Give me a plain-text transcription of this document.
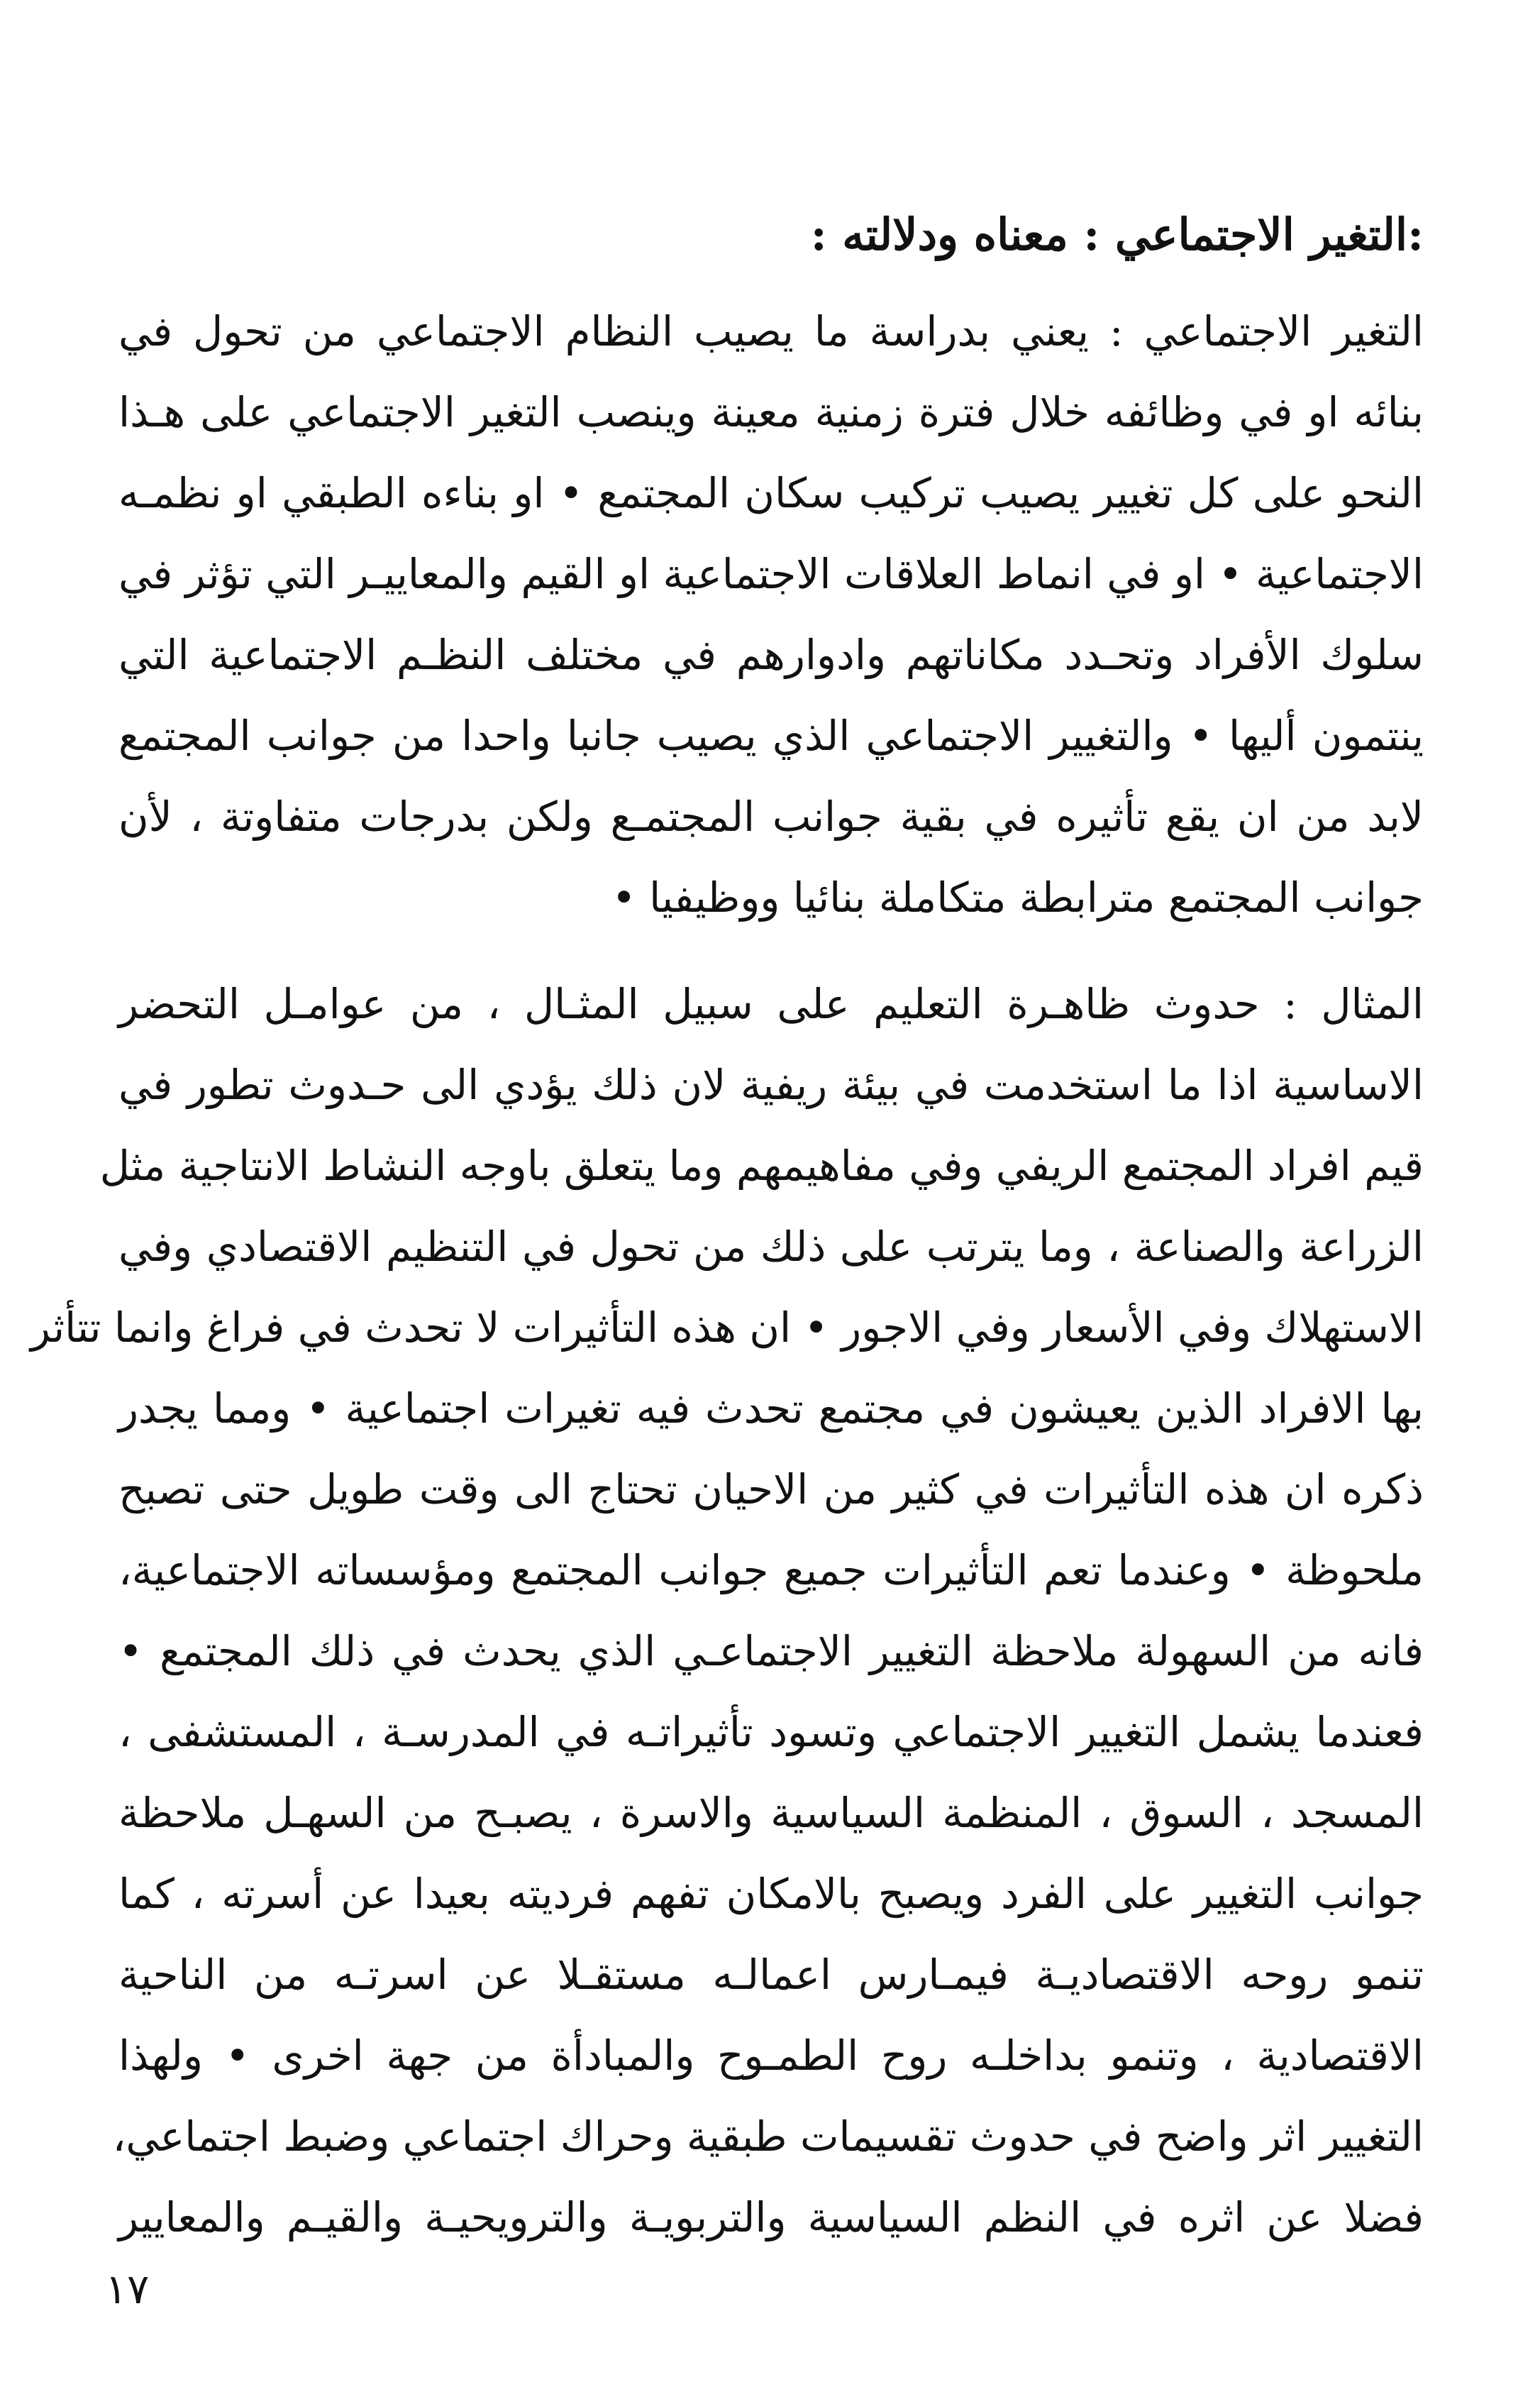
:التغير الاجتماعي : معناه ودلالته :
التغير الاجتماعي : يعني بدراسة ما يصيب النظام الاجتماعي من تحول في
بنائه او في وظائفه خلال فترة زمنية معينة وينصب التغير الاجتماعي على هـذا
النحو على كل تغيير يصيب تركيب سكان المجتمع • او بناءه الطبقي او نظمـه
الاجتماعية • او في انماط العلاقات الاجتماعية او القيم والمعاييـر التي تؤثر في
سلوك الأفراد وتحـدد مكاناتهم وادوارهم في مختلف النظـم الاجتماعية التي
ينتمون أليها • والتغيير الاجتماعي الذي يصيب جانبا واحدا من جوانب المجتمع
لابد من ان يقع تأثيره في بقية جوانب المجتمـع ولكن بدرجات متفاوتة ، لأن
جوانب المجتمع مترابطة متكاملة بنائيا ووظيفيا •
المثال : حدوث ظاهـرة التعليم على سبيل المثـال ، من عوامـل التحضر
الاساسية اذا ما استخدمت في بيئة ريفية لان ذلك يؤدي الى حـدوث تطور في
قيم افراد المجتمع الريفي وفي مفاهيمهم وما يتعلق باوجه النشاط الانتاجية مثل
الزراعة والصناعة ، وما يترتب على ذلك من تحول في التنظيم الاقتصادي وفي
الاستهلاك وفي الأسعار وفي الاجور • ان هذه التأثيرات لا تحدث في فراغ وانما تتأثر
بها الافراد الذين يعيشون في مجتمع تحدث فيه تغيرات اجتماعية • ومما يجدر
ذكره ان هذه التأثيرات في كثير من الاحيان تحتاج الى وقت طويل حتى تصبح
ملحوظة • وعندما تعم التأثيرات جميع جوانب المجتمع ومؤسساته الاجتماعية،
فانه من السهولة ملاحظة التغيير الاجتماعـي الذي يحدث في ذلك المجتمع •
فعندما يشمل التغيير الاجتماعي وتسود تأثيراتـه في المدرسـة ، المستشفى ،
المسجد ، السوق ، المنظمة السياسية والاسرة ، يصبـح من السهـل ملاحظة
جوانب التغيير على الفرد ويصبح بالامكان تفهم فرديته بعيدا عن أسرته ، كما
تنمو روحه الاقتصاديـة فيمـارس اعمالـه مستقـلا عن اسرتـه من الناحية
الاقتصادية ، وتنمو بداخلـه روح الطمـوح والمبادأة من جهة اخرى • ولهذا
التغيير اثر واضح في حدوث تقسيمات طبقية وحراك اجتماعي وضبط اجتماعي،
فضلا عن اثره في النظم السياسية والتربويـة والترويحيـة والقيـم والمعايير
١٧
